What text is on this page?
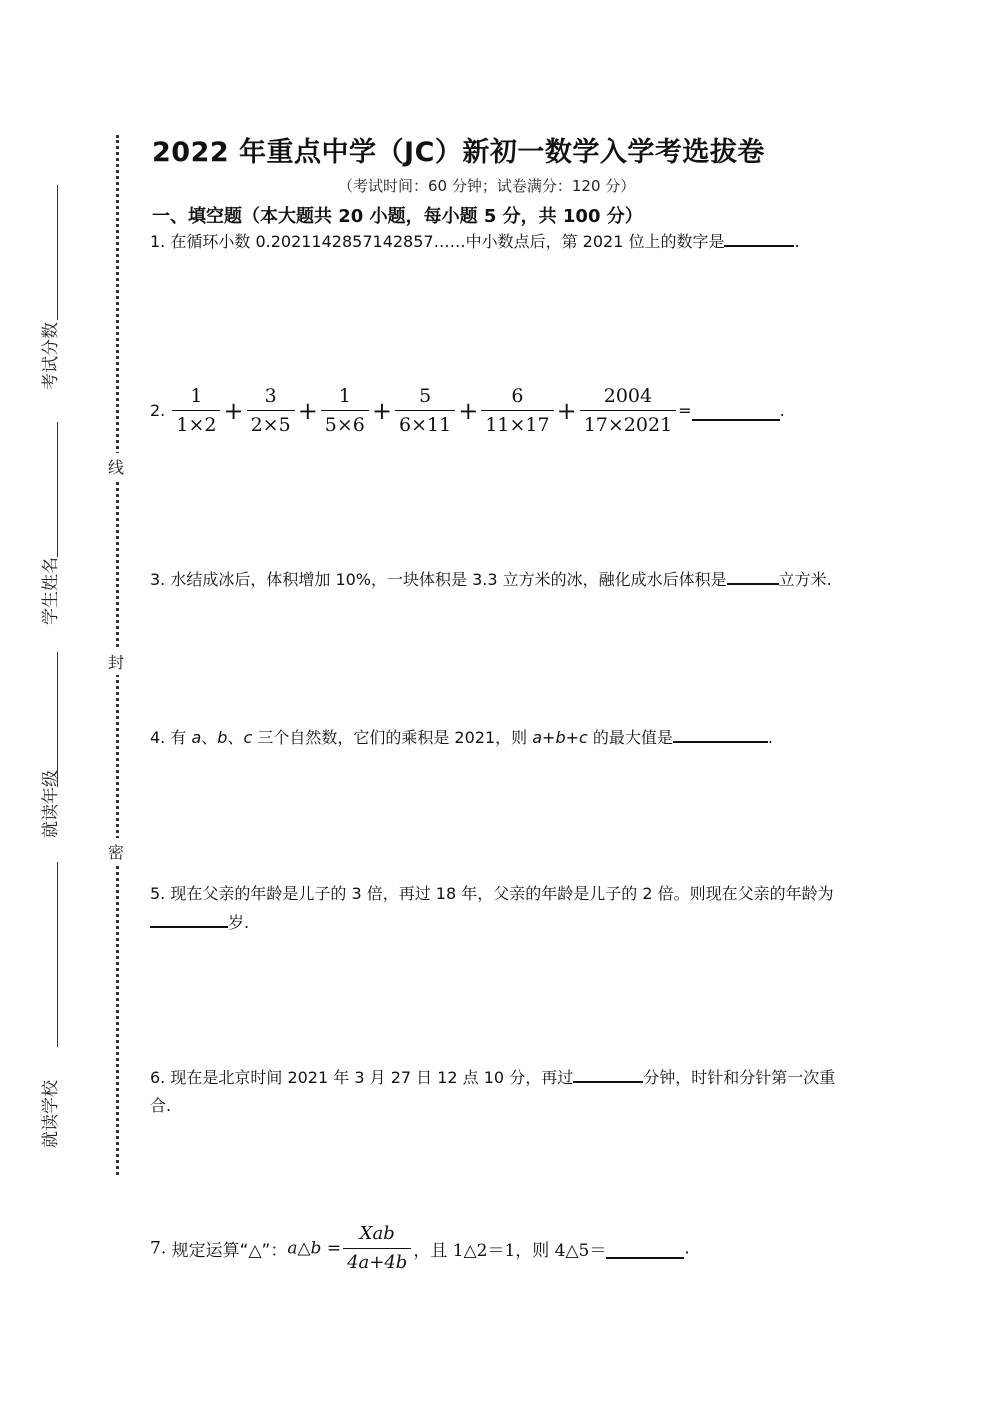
考试分数
学生姓名
就读年级
就读学校
线
封
密
2022 年重点中学（JC）新初一数学入学考选拔卷
（考试时间：60 分钟；试卷满分：120 分）
一、填空题（本大题共 20 小题，每小题 5 分，共 100 分）
1. 在循环小数 0.2021142857142857……中小数点后，第 2021 位上的数字是	.
2. $\frac{1}{1\times 2} + \frac{3}{2\times 5} + \frac{1}{5\times 6} + \frac{5}{6\times 11} + \frac{6}{11\times 17} + \frac{2004}{17\times 2021}$ =	.
3. 水结成冰后，体积增加 10%，一块体积是 3.3 立方米的冰，融化成水后体积是	立方米.
4. 有 a、b、c 三个自然数，它们的乘积是 2021，则 a+b+c 的最大值是	.
5. 现在父亲的年龄是儿子的 3 倍，再过 18 年，父亲的年龄是儿子的 2 倍。则现在父亲的年龄为岁.
6. 现在是北京时间 2021 年 3 月 27 日 12 点 10 分，再过	分钟，时针和分针第一次重合.
7. 规定运算“△”：a△b = $\frac{\text{Xab}}{4a+4b}$ ，且 1△2＝1，则 4△5＝	.
